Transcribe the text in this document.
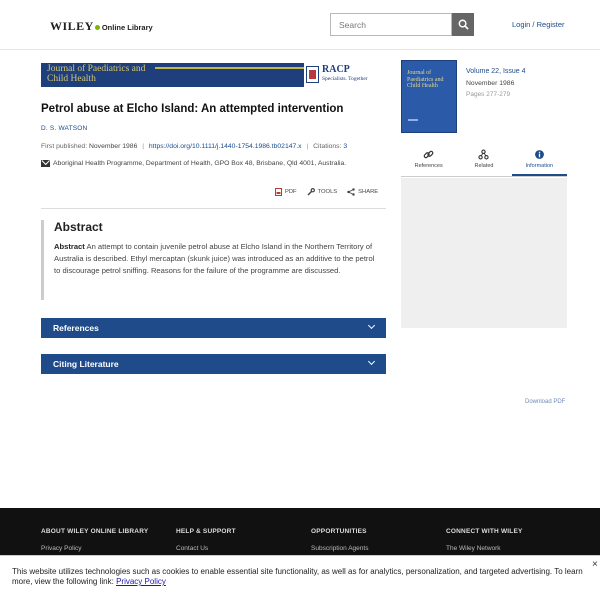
WILEY Online Library
Search	Login / Register
Journal of Paediatrics and
Child Health
RACP
Specialists. Together
Petrol abuse at Elcho Island: An attempted intervention
D. S. WATSON
First published: November 1986 | https://doi.org/10.1111/j.1440-1754.1986.tb02147.x | Citations: 3
Aboriginal Health Programme, Department of Health, GPO Box 48, Brisbane, Qld 4001, Australia.
PDF	TOOLS	SHARE
Abstract

Abstract An attempt to contain juvenile petrol abuse at Elcho Island in the Northern Territory of Australia is described. Ethyl mercaptan (skunk juice) was introduced as an additive to the petrol to discourage petrol sniffing. Reasons for the failure of the programme are discussed.

References
Citing Literature
Journal of Paediatrics and Child Health
Volume 22, Issue 4
November 1986
Pages 277-279
References	Related	Information
Download PDF
ABOUT WILEY ONLINE LIBRARY
Privacy Policy
HELP & SUPPORT
Contact Us
OPPORTUNITIES
Subscription Agents
CONNECT WITH WILEY
The Wiley Network
This website utilizes technologies such as cookies to enable essential site functionality, as well as for analytics, personalization, and targeted advertising. To learn more, view the following link: Privacy Policy
×
